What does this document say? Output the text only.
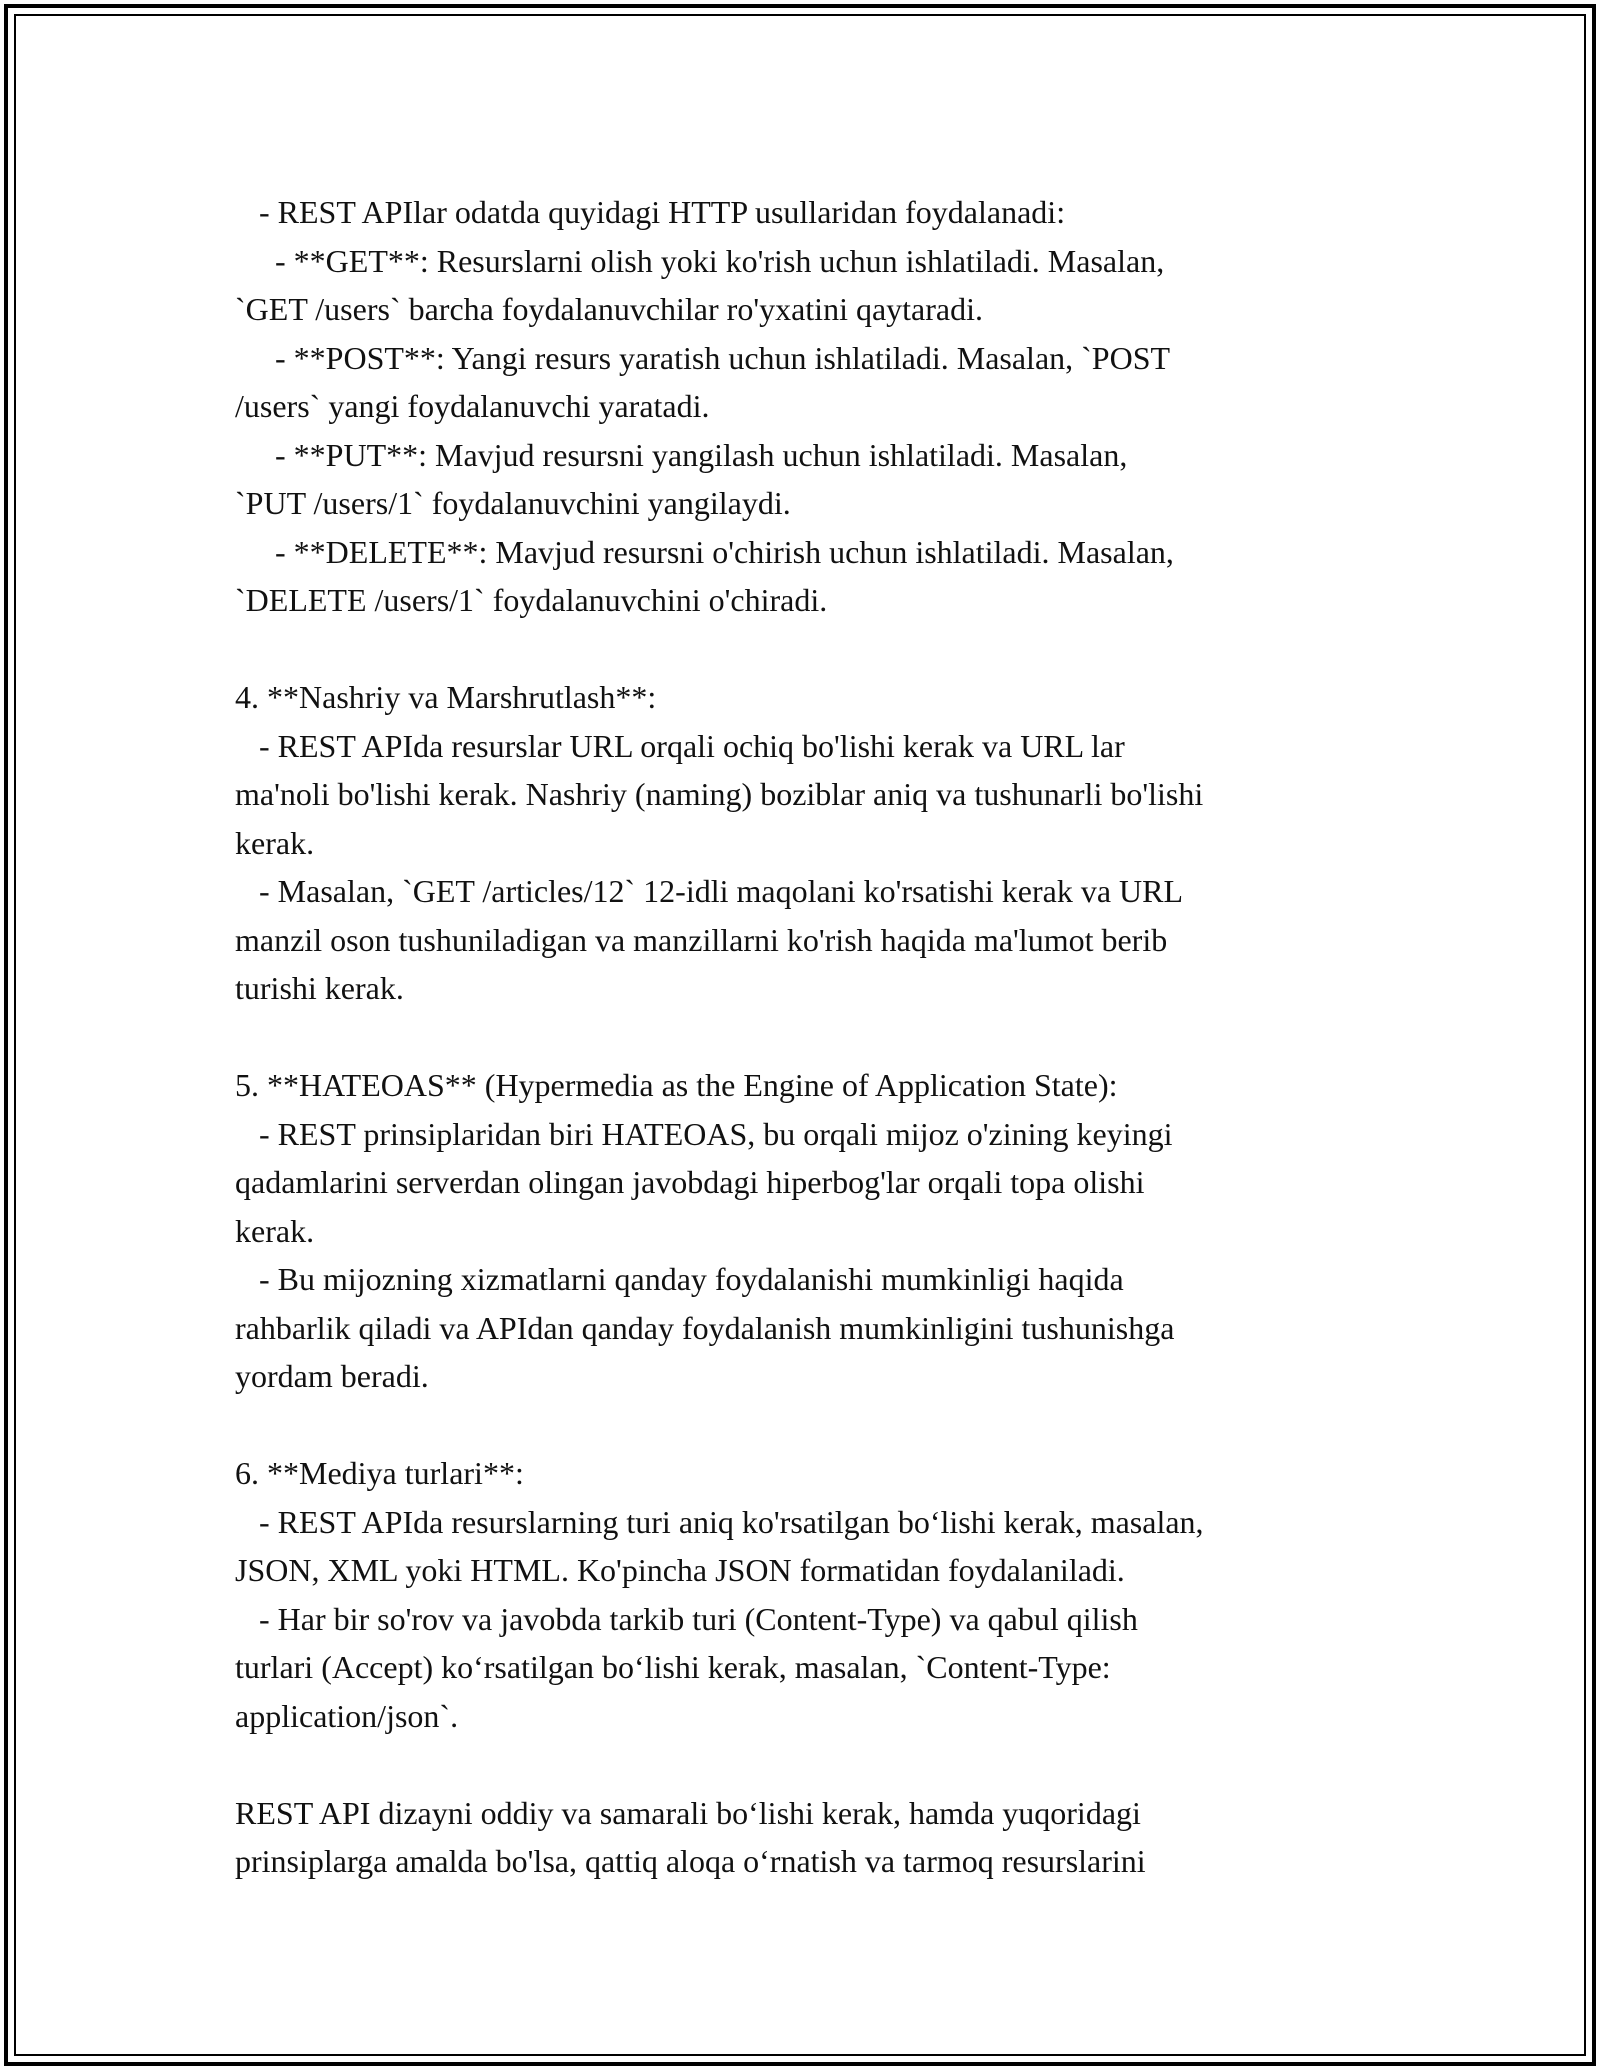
- REST APIlar odatda quyidagi HTTP usullaridan foydalanadi:
- **GET**: Resurslarni olish yoki ko'rish uchun ishlatiladi. Masalan,
`GET /users` barcha foydalanuvchilar ro'yxatini qaytaradi.
- **POST**: Yangi resurs yaratish uchun ishlatiladi. Masalan, `POST
/users` yangi foydalanuvchi yaratadi.
- **PUT**: Mavjud resursni yangilash uchun ishlatiladi. Masalan,
`PUT /users/1` foydalanuvchini yangilaydi.
- **DELETE**: Mavjud resursni o'chirish uchun ishlatiladi. Masalan,
`DELETE /users/1` foydalanuvchini o'chiradi.
4. **Nashriy va Marshrutlash**:
- REST APIda resurslar URL orqali ochiq bo'lishi kerak va URL lar
ma'noli bo'lishi kerak. Nashriy (naming) boziblar aniq va tushunarli bo'lishi
kerak.
- Masalan, `GET /articles/12` 12-idli maqolani ko'rsatishi kerak va URL
manzil oson tushuniladigan va manzillarni ko'rish haqida ma'lumot berib
turishi kerak.
5. **HATEOAS** (Hypermedia as the Engine of Application State):
- REST prinsiplaridan biri HATEOAS, bu orqali mijoz o'zining keyingi
qadamlarini serverdan olingan javobdagi hiperbog'lar orqali topa olishi
kerak.
- Bu mijozning xizmatlarni qanday foydalanishi mumkinligi haqida
rahbarlik qiladi va APIdan qanday foydalanish mumkinligini tushunishga
yordam beradi.
6. **Mediya turlari**:
- REST APIda resurslarning turi aniq ko'rsatilgan bo‘lishi kerak, masalan,
JSON, XML yoki HTML. Ko'pincha JSON formatidan foydalaniladi.
- Har bir so'rov va javobda tarkib turi (Content-Type) va qabul qilish
turlari (Accept) ko‘rsatilgan bo‘lishi kerak, masalan, `Content-Type:
application/json`.
REST API dizayni oddiy va samarali bo‘lishi kerak, hamda yuqoridagi
prinsiplarga amalda bo'lsa, qattiq aloqa o‘rnatish va tarmoq resurslarini
